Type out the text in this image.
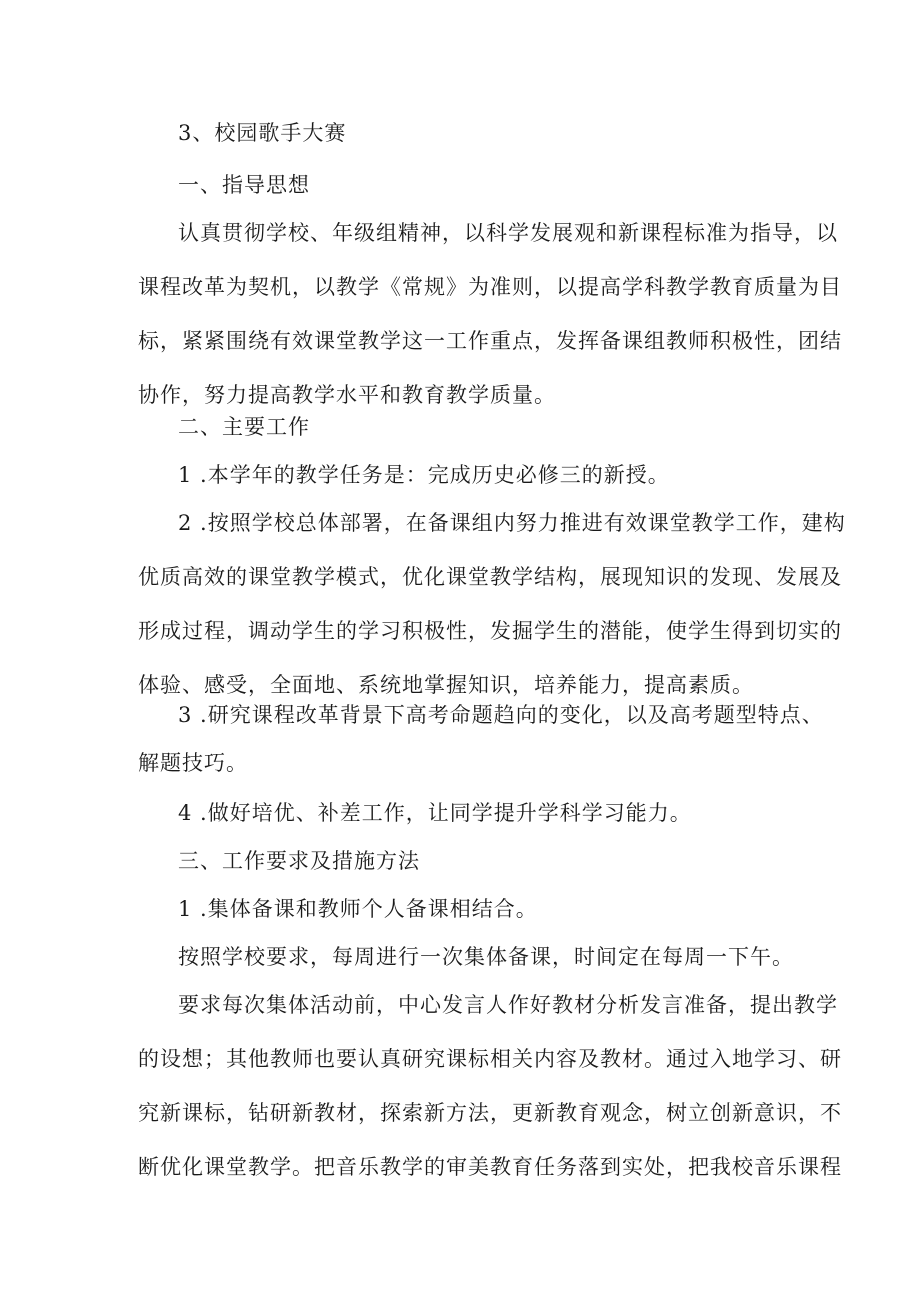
3、校园歌手大赛

一、指导思想

认真贯彻学校、年级组精神，以科学发展观和新课程标准为指导，以

课程改革为契机，以教学《常规》为准则，以提高学科教学教育质量为目
标，紧紧围绕有效课堂教学这一工作重点，发挥备课组教师积极性，团结
协作，努力提高教学水平和教育教学质量。

二、主要工作

1 .本学年的教学任务是：完成历史必修三的新授。

2 .按照学校总体部署，在备课组内努力推进有效课堂教学工作，建构

优质高效的课堂教学模式，优化课堂教学结构，展现知识的发现、发展及
形成过程，调动学生的学习积极性，发掘学生的潜能，使学生得到切实的
体验、感受，全面地、系统地掌握知识，培养能力，提高素质。

3 .研究课程改革背景下高考命题趋向的变化，以及高考题型特点、

解题技巧。

4 .做好培优、补差工作，让同学提升学科学习能力。

三、工作要求及措施方法

1 .集体备课和教师个人备课相结合。

按照学校要求，每周进行一次集体备课，时间定在每周一下午。

要求每次集体活动前，中心发言人作好教材分析发言准备，提出教学

的设想；其他教师也要认真研究课标相关内容及教材。通过入地学习、研
究新课标，钻研新教材，探索新方法，更新教育观念，树立创新意识，不
断优化课堂教学。把音乐教学的审美教育任务落到实处，把我校音乐课程
